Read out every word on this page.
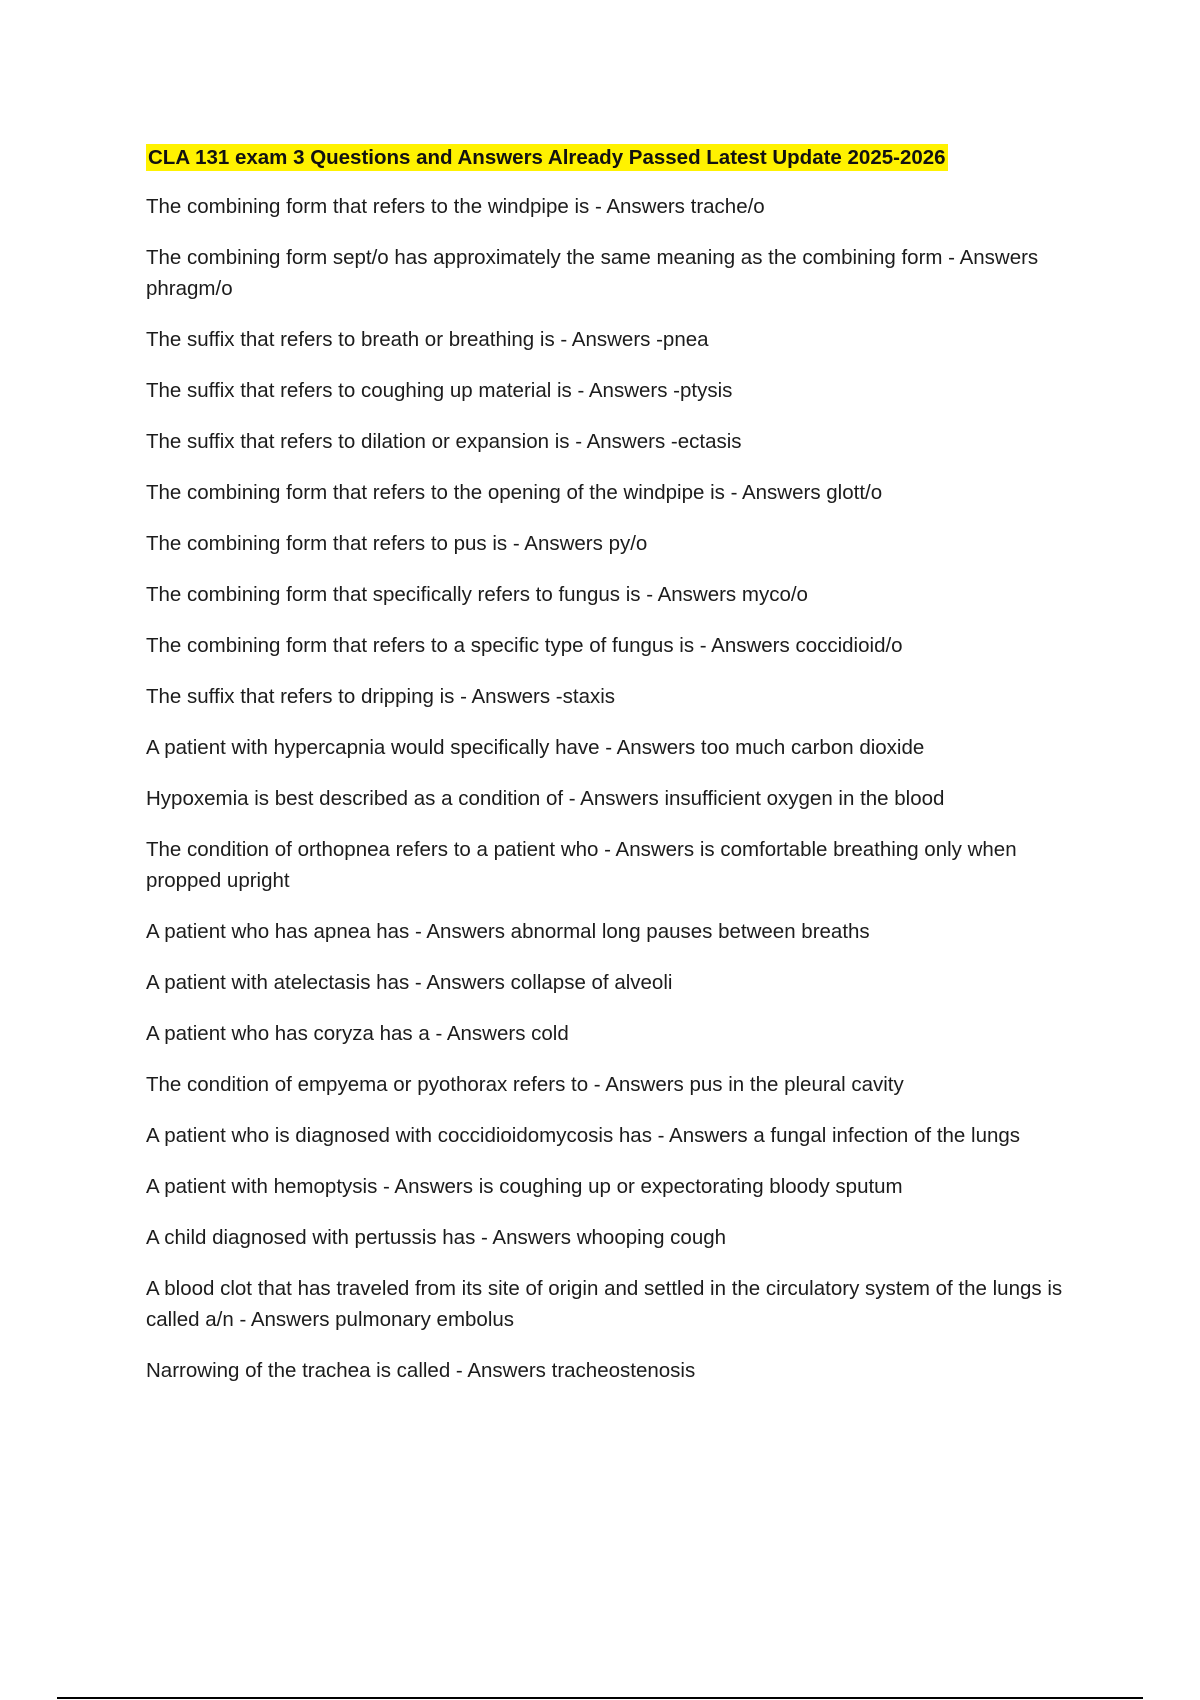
CLA 131 exam 3 Questions and Answers Already Passed Latest Update 2025-2026
The combining form that refers to the windpipe is - Answers trache/o
The combining form sept/o has approximately the same meaning as the combining form - Answers phragm/o
The suffix that refers to breath or breathing is - Answers -pnea
The suffix that refers to coughing up material is - Answers -ptysis
The suffix that refers to dilation or expansion is - Answers -ectasis
The combining form that refers to the opening of the windpipe is - Answers glott/o
The combining form that refers to pus is - Answers py/o
The combining form that specifically refers to fungus is - Answers myco/o
The combining form that refers to a specific type of fungus is - Answers coccidioid/o
The suffix that refers to dripping is - Answers -staxis
A patient with hypercapnia would specifically have - Answers too much carbon dioxide
Hypoxemia is best described as a condition of - Answers insufficient oxygen in the blood
The condition of orthopnea refers to a patient who - Answers is comfortable breathing only when propped upright
A patient who has apnea has - Answers abnormal long pauses between breaths
A patient with atelectasis has - Answers collapse of alveoli
A patient who has coryza has a - Answers cold
The condition of empyema or pyothorax refers to - Answers pus in the pleural cavity
A patient who is diagnosed with coccidioidomycosis has - Answers a fungal infection of the lungs
A patient with hemoptysis - Answers is coughing up or expectorating bloody sputum
A child diagnosed with pertussis has - Answers whooping cough
A blood clot that has traveled from its site of origin and settled in the circulatory system of the lungs is called a/n - Answers pulmonary embolus
Narrowing of the trachea is called - Answers tracheostenosis
